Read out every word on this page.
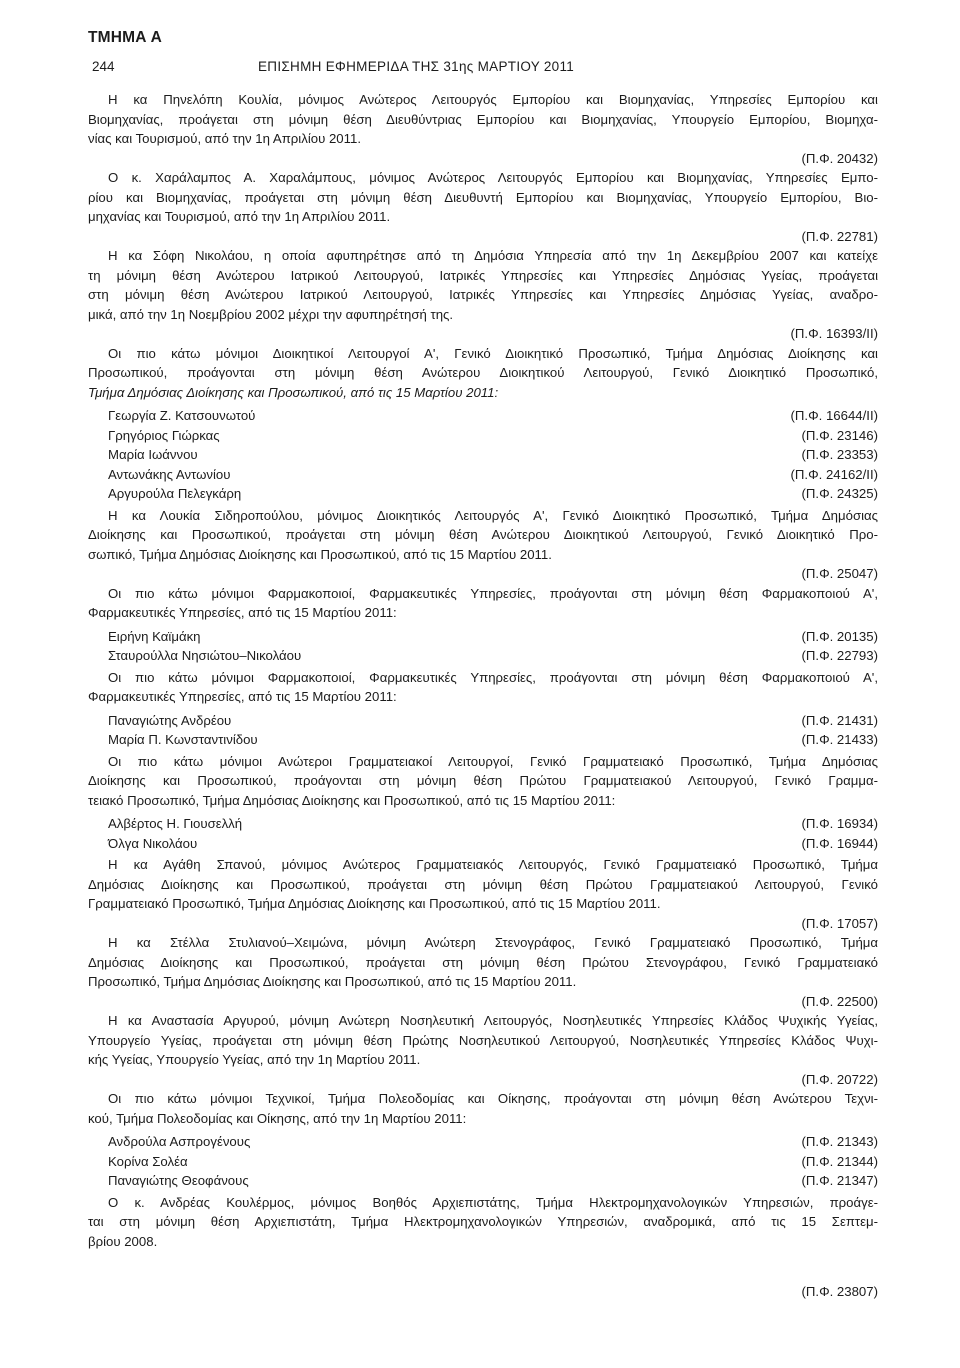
ΤΜΗΜΑ Α
244	ΕΠΙΣΗΜΗ ΕΦΗΜΕΡΙΔΑ ΤΗΣ 31ης ΜΑΡΤΙΟΥ 2011
Η κα Πηνελόπη Κουλία, μόνιμος Ανώτερος Λειτουργός Εμπορίου και Βιομηχανίας, Υπηρεσίες Εμπορίου και
Βιομηχανίας, προάγεται στη μόνιμη θέση Διευθύντριας Εμπορίου και Βιομηχανίας, Υπουργείο Εμπορίου, Βιομηχα-
νίας και Τουρισμού, από την 1η Απριλίου 2011.
(Π.Φ. 20432)
Ο κ. Χαράλαμπος Α. Χαραλάμπους, μόνιμος Ανώτερος Λειτουργός Εμπορίου και Βιομηχανίας, Υπηρεσίες Εμπο-
ρίου και Βιομηχανίας, προάγεται στη μόνιμη θέση Διευθυντή Εμπορίου και Βιομηχανίας, Υπουργείο Εμπορίου, Βιο-
μηχανίας και Τουρισμού, από την 1η Απριλίου 2011.
(Π.Φ. 22781)
Η κα Σόφη Νικολάου, η οποία αφυπηρέτησε από τη Δημόσια Υπηρεσία από την 1η Δεκεμβρίου 2007 και κατείχε
τη μόνιμη θέση Ανώτερου Ιατρικού Λειτουργού, Ιατρικές Υπηρεσίες και Υπηρεσίες Δημόσιας Υγείας, προάγεται
στη μόνιμη θέση Ανώτερου Ιατρικού Λειτουργού, Ιατρικές Υπηρεσίες και Υπηρεσίες Δημόσιας Υγείας, αναδρο-
μικά, από την 1η Νοεμβρίου 2002 μέχρι την αφυπηρέτησή της.
(Π.Φ. 16393/II)
Οι πιο κάτω μόνιμοι Διοικητικοί Λειτουργοί Α', Γενικό Διοικητικό Προσωπικό, Τμήμα Δημόσιας Διοίκησης και
Προσωπικού, προάγονται στη μόνιμη θέση Ανώτερου Διοικητικού Λειτουργού, Γενικό Διοικητικό Προσωπικό,
Τμήμα Δημόσιας Διοίκησης και Προσωπικού, από τις 15 Μαρτίου 2011:
Γεωργία Ζ. Κατσουνωτού	(Π.Φ. 16644/II)
Γρηγόριος Γιώρκας	(Π.Φ. 23146)
Μαρία Ιωάννου	(Π.Φ. 23353)
Αντωνάκης Αντωνίου	(Π.Φ. 24162/II)
Αργυρούλα Πελεγκάρη	(Π.Φ. 24325)
Η κα Λουκία Σιδηροπούλου, μόνιμος Διοικητικός Λειτουργός Α', Γενικό Διοικητικό Προσωπικό, Τμήμα Δημόσιας
Διοίκησης και Προσωπικού, προάγεται στη μόνιμη θέση Ανώτερου Διοικητικού Λειτουργού, Γενικό Διοικητικό Προ-
σωπικό, Τμήμα Δημόσιας Διοίκησης και Προσωπικού, από τις 15 Μαρτίου 2011.
(Π.Φ. 25047)
Οι πιο κάτω μόνιμοι Φαρμακοποιοί, Φαρμακευτικές Υπηρεσίες, προάγονται στη μόνιμη θέση Φαρμακοποιού Α',
Φαρμακευτικές Υπηρεσίες, από τις 15 Μαρτίου 2011:
Ειρήνη Καϊμάκη	(Π.Φ. 20135)
Σταυρούλλα Νησιώτου–Νικολάου	(Π.Φ. 22793)
Οι πιο κάτω μόνιμοι Φαρμακοποιοί, Φαρμακευτικές Υπηρεσίες, προάγονται στη μόνιμη θέση Φαρμακοποιού Α',
Φαρμακευτικές Υπηρεσίες, από τις 15 Μαρτίου 2011:
Παναγιώτης Ανδρέου	(Π.Φ. 21431)
Μαρία Π. Κωνσταντινίδου	(Π.Φ. 21433)
Οι πιο κάτω μόνιμοι Ανώτεροι Γραμματειακοί Λειτουργοί, Γενικό Γραμματειακό Προσωπικό, Τμήμα Δημόσιας
Διοίκησης και Προσωπικού, προάγονται στη μόνιμη θέση Πρώτου Γραμματειακού Λειτουργού, Γενικό Γραμμα-
τειακό Προσωπικό, Τμήμα Δημόσιας Διοίκησης και Προσωπικού, από τις 15 Μαρτίου 2011:
Αλβέρτος Η. Γιουσελλή	(Π.Φ. 16934)
Όλγα Νικολάου	(Π.Φ. 16944)
Η κα Αγάθη Σπανού, μόνιμος Ανώτερος Γραμματειακός Λειτουργός, Γενικό Γραμματειακό Προσωπικό, Τμήμα
Δημόσιας Διοίκησης και Προσωπικού, προάγεται στη μόνιμη θέση Πρώτου Γραμματειακού Λειτουργού, Γενικό
Γραμματειακό Προσωπικό, Τμήμα Δημόσιας Διοίκησης και Προσωπικού, από τις 15 Μαρτίου 2011.
(Π.Φ. 17057)
Η κα Στέλλα Στυλιανού–Χειμώνα, μόνιμη Ανώτερη Στενογράφος, Γενικό Γραμματειακό Προσωπικό, Τμήμα
Δημόσιας Διοίκησης και Προσωπικού, προάγεται στη μόνιμη θέση Πρώτου Στενογράφου, Γενικό Γραμματειακό
Προσωπικό, Τμήμα Δημόσιας Διοίκησης και Προσωπικού, από τις 15 Μαρτίου 2011.
(Π.Φ. 22500)
Η κα Αναστασία Αργυρού, μόνιμη Ανώτερη Νοσηλευτική Λειτουργός, Νοσηλευτικές Υπηρεσίες Κλάδος Ψυχικής Υγείας,
Υπουργείο Υγείας, προάγεται στη μόνιμη θέση Πρώτης Νοσηλευτικού Λειτουργού, Νοσηλευτικές Υπηρεσίες Κλάδος Ψυχι-
κής Υγείας, Υπουργείο Υγείας, από την 1η Μαρτίου 2011.
(Π.Φ. 20722)
Οι πιο κάτω μόνιμοι Τεχνικοί, Τμήμα Πολεοδομίας και Οίκησης, προάγονται στη μόνιμη θέση Ανώτερου Τεχνι-
κού, Τμήμα Πολεοδομίας και Οίκησης, από την 1η Μαρτίου 2011:
Ανδρούλα Ασπρογένους	(Π.Φ. 21343)
Κορίνα Σολέα	(Π.Φ. 21344)
Παναγιώτης Θεοφάνους	(Π.Φ. 21347)
Ο κ. Ανδρέας Κουλέρμος, μόνιμος Βοηθός Αρχιεπιστάτης, Τμήμα Ηλεκτρομηχανολογικών Υπηρεσιών, προάγε-
ται στη μόνιμη θέση Αρχιεπιστάτη, Τμήμα Ηλεκτρομηχανολογικών Υπηρεσιών, αναδρομικά, από τις 15 Σεπτεμ-
βρίου 2008.
(Π.Φ. 23807)
